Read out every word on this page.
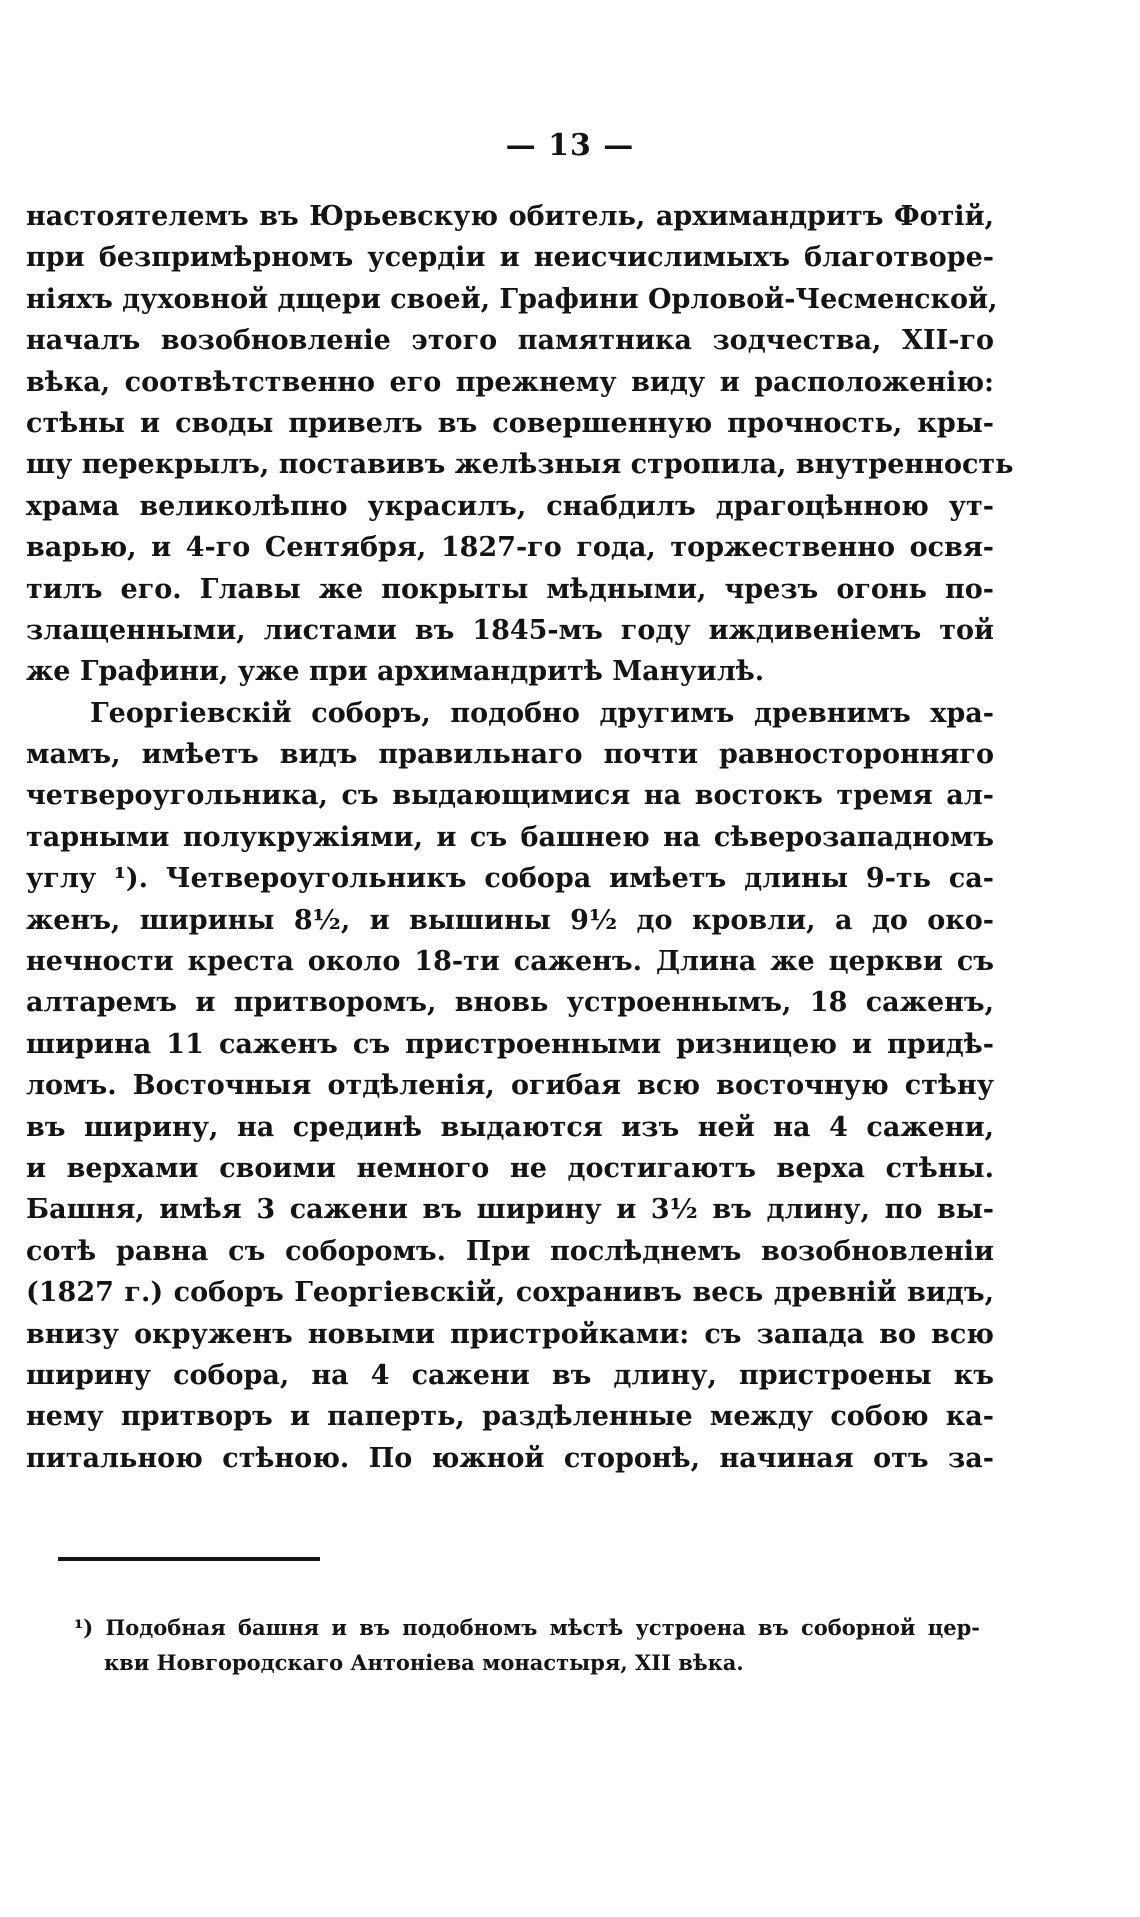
— 13 —
настоятелемъ въ Юрьевскую обитель, архимандритъ Фотій,
при безпримѣрномъ усердіи и неисчислимыхъ благотворе-
ніяхъ духовной дщери своей, Графини Орловой-Чесменской,
началъ возобновленіе этого памятника зодчества, XII-го
вѣка, соотвѣтственно его прежнему виду и расположенію:
стѣны и своды привелъ въ совершенную прочность, кры-
шу перекрылъ, поставивъ желѣзныя стропила, внутренность
храма великолѣпно украсилъ, снабдилъ драгоцѣнною ут-
варью, и 4-го Сентября, 1827-го года, торжественно освя-
тилъ его. Главы же покрыты мѣдными, чрезъ огонь по-
злащенными, листами въ 1845-мъ году иждивеніемъ той
же Графини, уже при архимандритѣ Мануилѣ.
Георгіевскій соборъ, подобно другимъ древнимъ хра-
мамъ, имѣетъ видъ правильнаго почти равносторонняго
четвероугольника, съ выдающимися на востокъ тремя ал-
тарными полукружіями, и съ башнею на сѣверозападномъ
углу ¹). Четвероугольникъ собора имѣетъ длины 9-ть са-
женъ, ширины 8½, и вышины 9½ до кровли, а до око-
нечности креста около 18-ти саженъ. Длина же церкви съ
алтаремъ и притворомъ, вновь устроеннымъ, 18 саженъ,
ширина 11 саженъ съ пристроенными ризницею и придѣ-
ломъ. Восточныя отдѣленія, огибая всю восточную стѣну
въ ширину, на срединѣ выдаются изъ ней на 4 сажени,
и верхами своими немного не достигаютъ верха стѣны.
Башня, имѣя 3 сажени въ ширину и 3½ въ длину, по вы-
сотѣ равна съ соборомъ. При послѣднемъ возобновленіи
(1827 г.) соборъ Георгіевскій, сохранивъ весь древній видъ,
внизу окруженъ новыми пристройками: съ запада во всю
ширину собора, на 4 сажени въ длину, пристроены къ
нему притворъ и паперть, раздѣленные между собою ка-
питальною стѣною. По южной сторонѣ, начиная отъ за-
¹) Подобная башня и въ подобномъ мѣстѣ устроена въ соборной цер-
кви Новгородскаго Антоніева монастыря, XII вѣка.
